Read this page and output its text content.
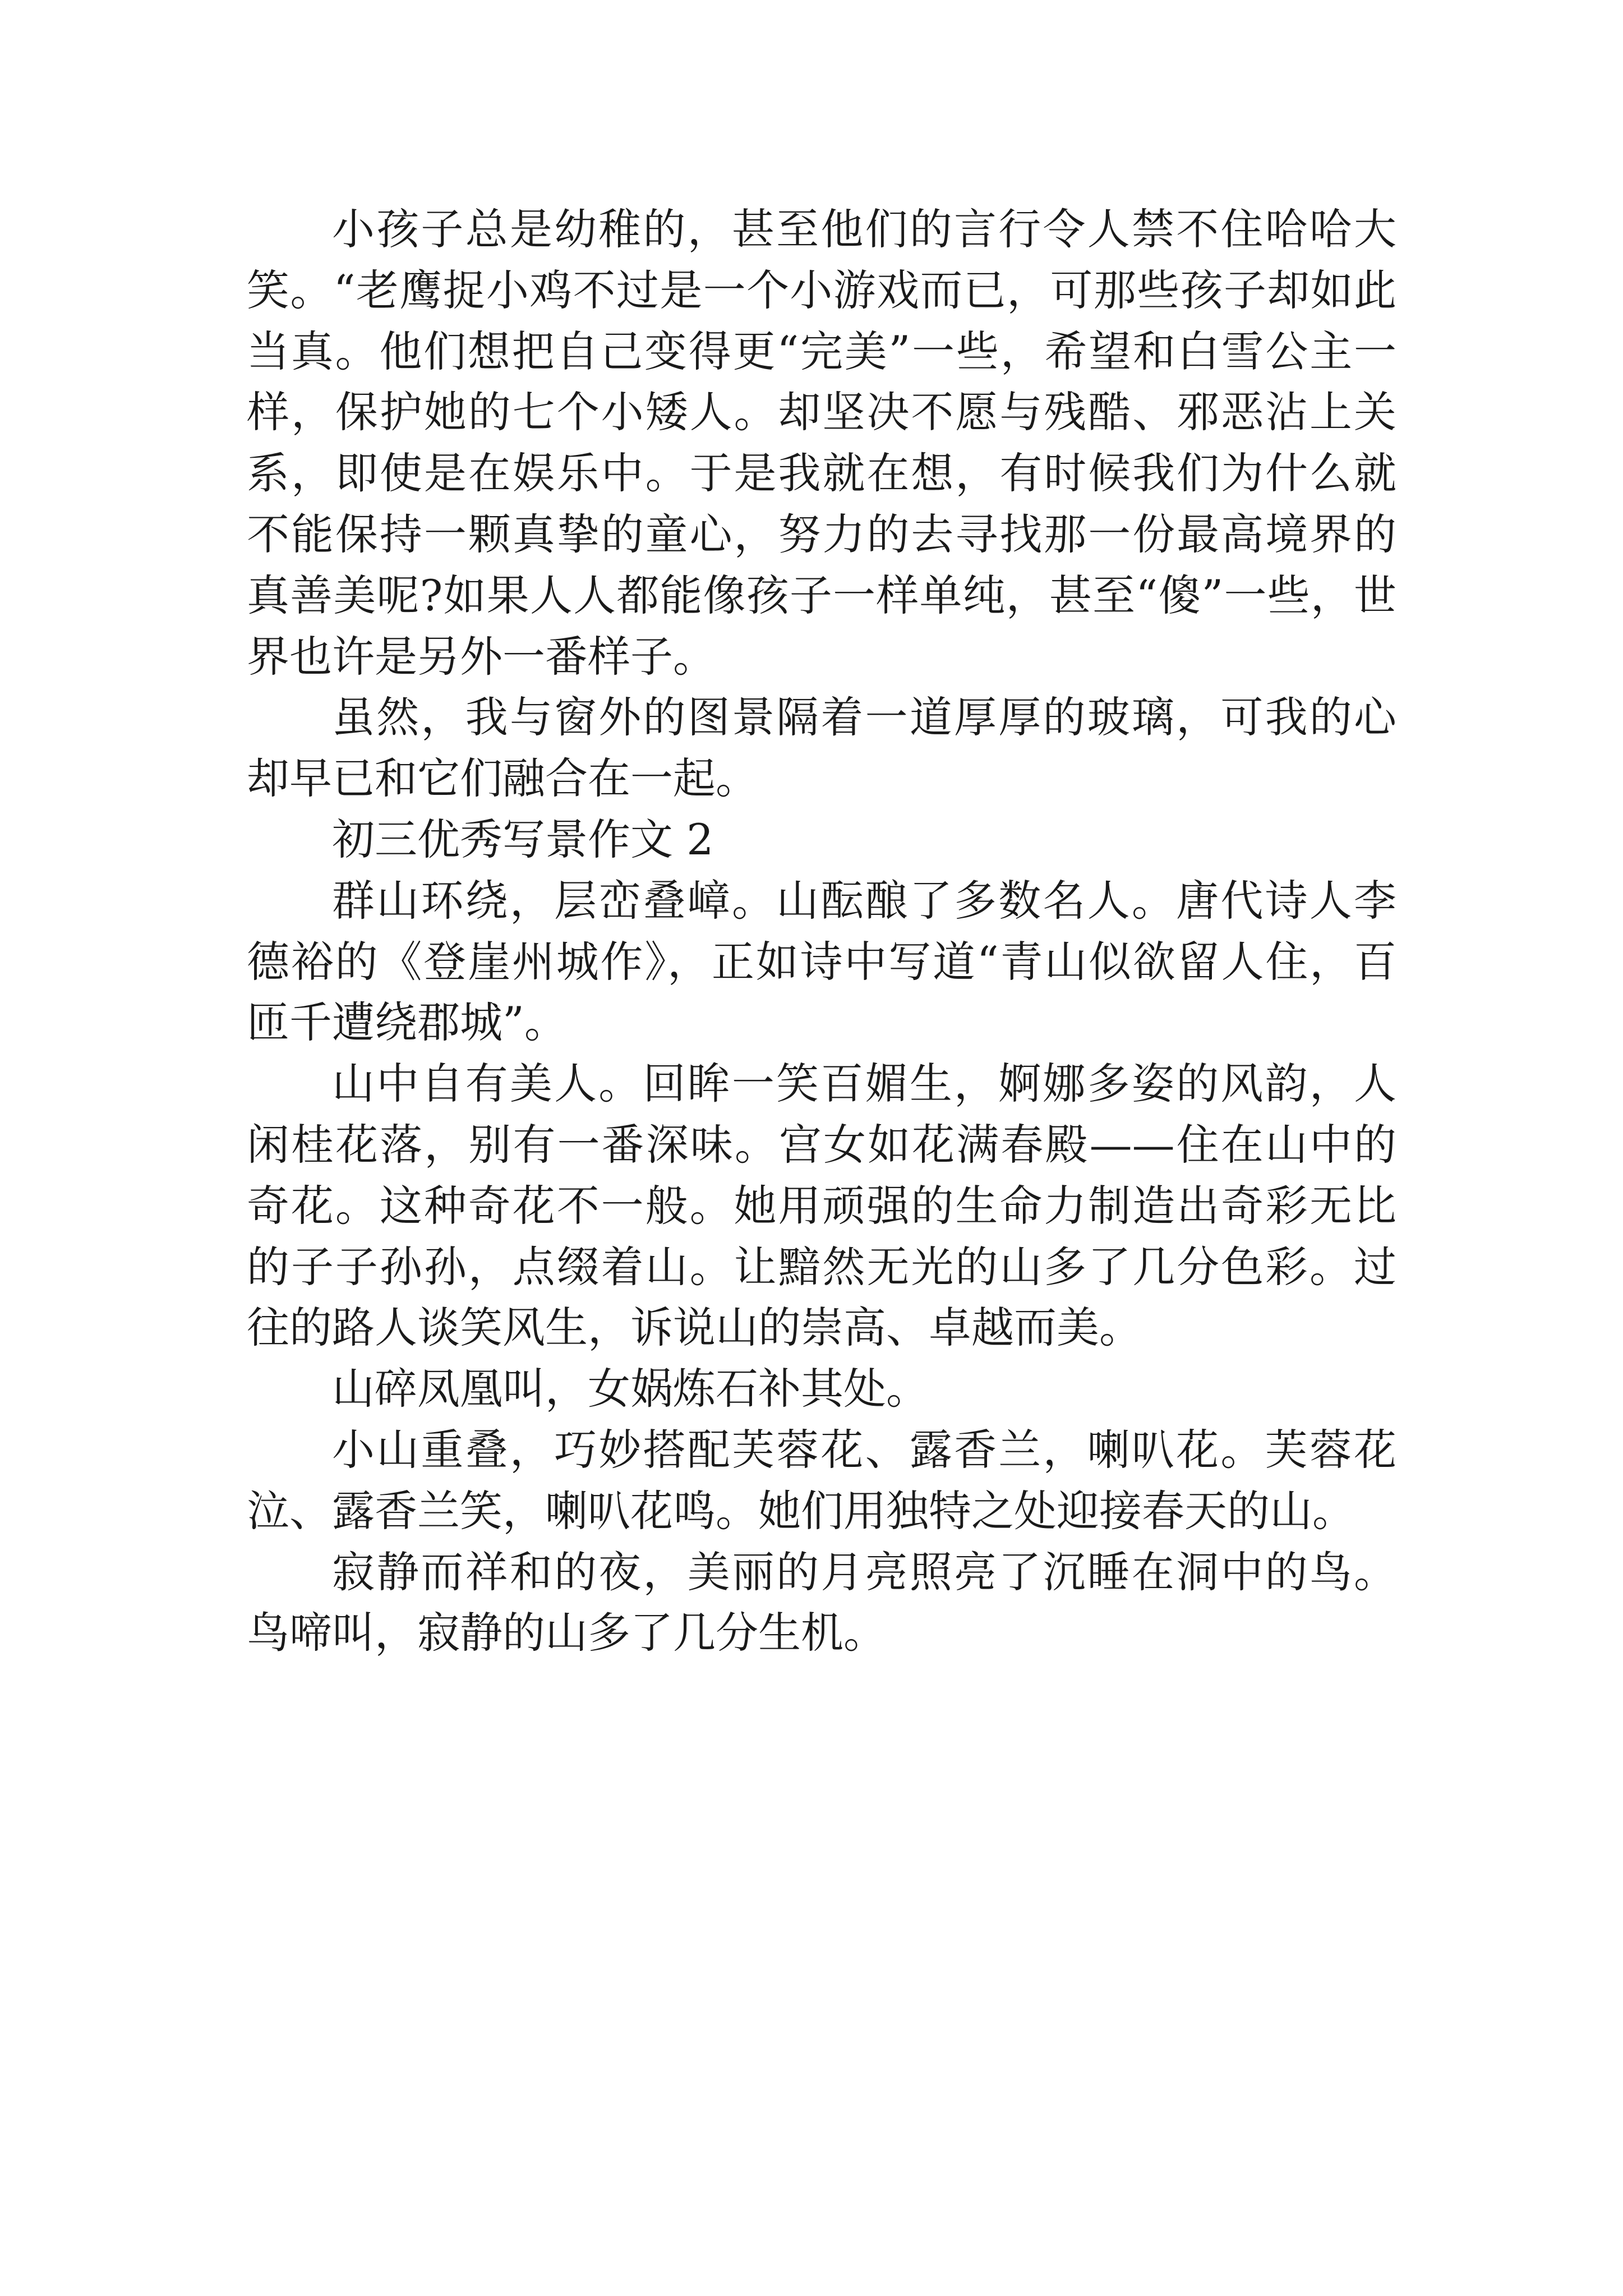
小孩子总是幼稚的，甚至他们的言行令人禁不住哈哈大笑。“老鹰捉小鸡不过是一个小游戏而已，可那些孩子却如此当真。他们想把自己变得更“完美”一些，希望和白雪公主一样，保护她的七个小矮人。却坚决不愿与残酷、邪恶沾上关系，即使是在娱乐中。于是我就在想，有时候我们为什么就不能保持一颗真挚的童心，努力的去寻找那一份最高境界的真善美呢?如果人人都能像孩子一样单纯，甚至“傻”一些，世界也许是另外一番样子。

虽然，我与窗外的图景隔着一道厚厚的玻璃，可我的心却早已和它们融合在一起。

初三优秀写景作文 2

群山环绕，层峦叠嶂。山酝酿了多数名人。唐代诗人李德裕的《登崖州城作》，正如诗中写道“青山似欲留人住，百匝千遭绕郡城”。

山中自有美人。回眸一笑百媚生，婀娜多姿的风韵，人闲桂花落，别有一番深味。宫女如花满春殿——住在山中的奇花。这种奇花不一般。她用顽强的生命力制造出奇彩无比的子子孙孙，点缀着山。让黯然无光的山多了几分色彩。过往的路人谈笑风生，诉说山的崇高、卓越而美。

山碎凤凰叫，女娲炼石补其处。

小山重叠，巧妙搭配芙蓉花、露香兰，喇叭花。芙蓉花泣、露香兰笑，喇叭花鸣。她们用独特之处迎接春天的山。

寂静而祥和的夜，美丽的月亮照亮了沉睡在洞中的鸟。鸟啼叫，寂静的山多了几分生机。
